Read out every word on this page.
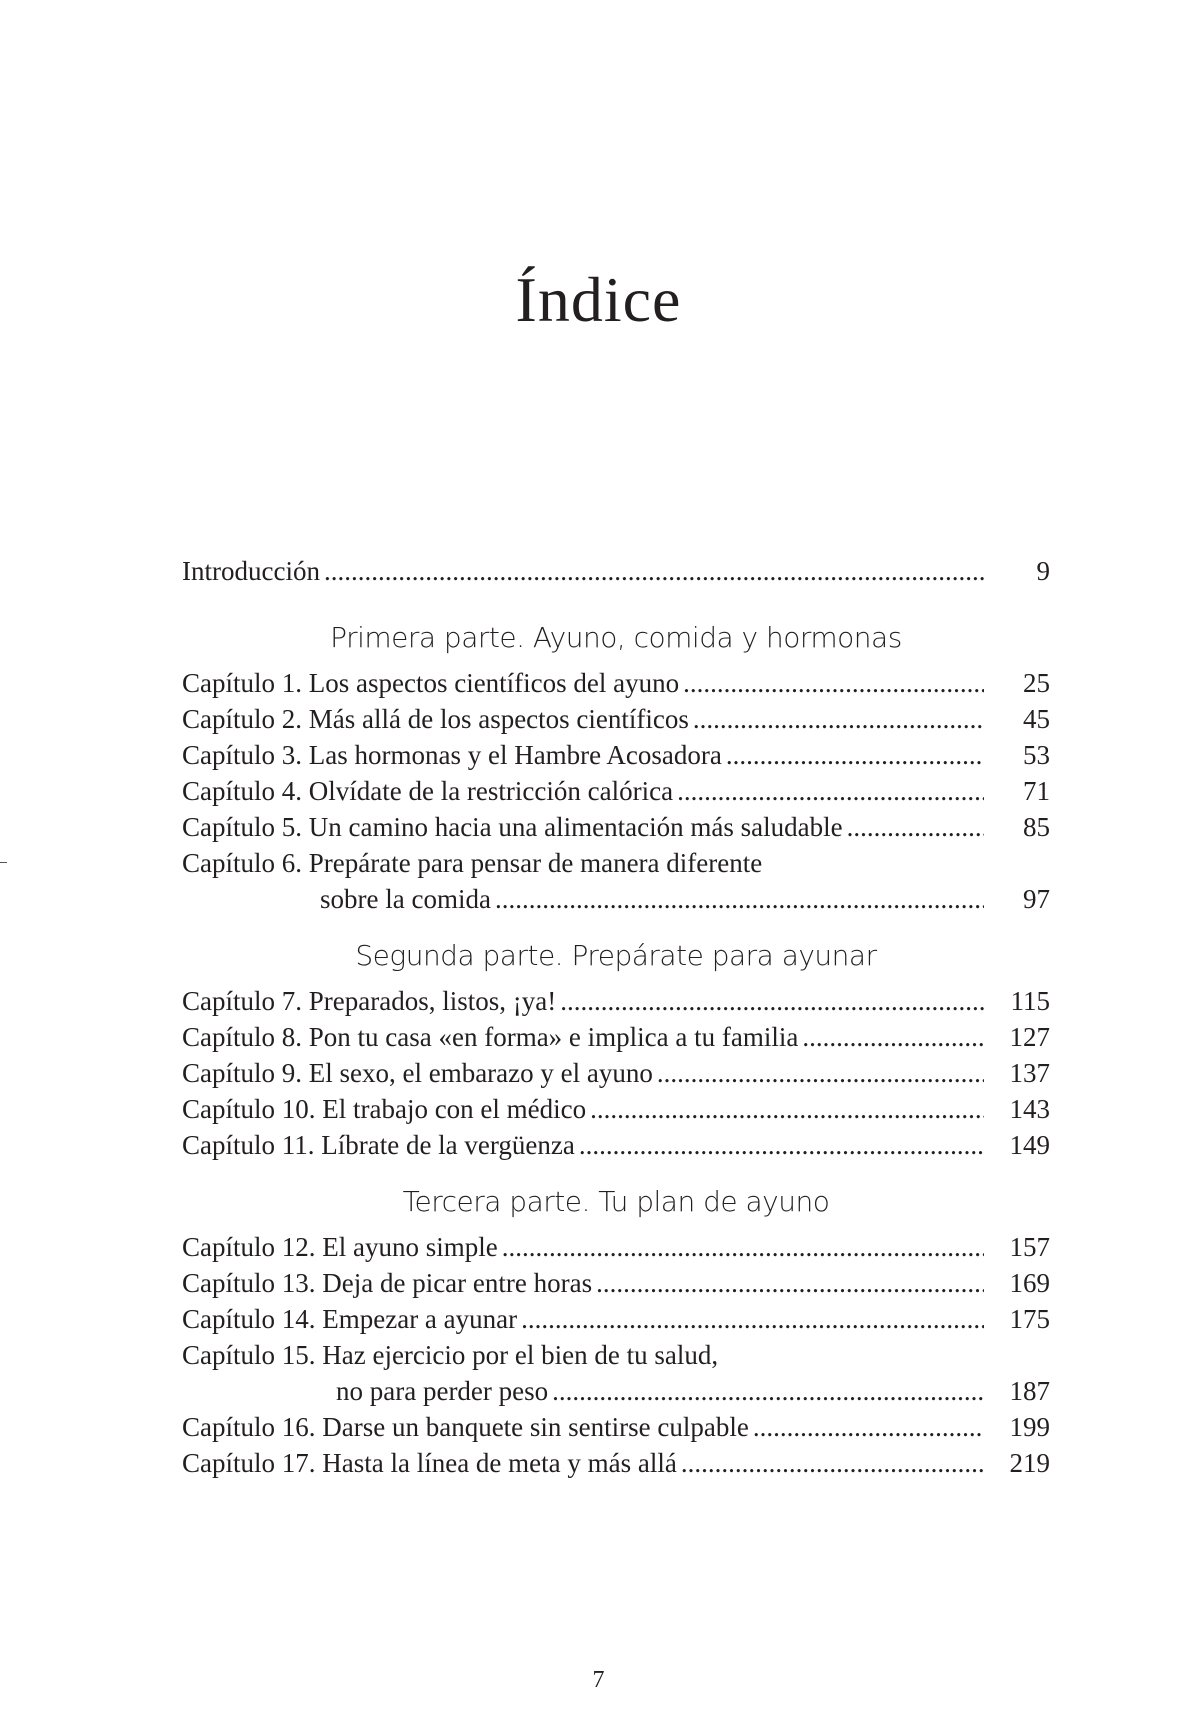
Índice
Introducción .....	9
Primera parte. Ayuno, comida y hormonas
Capítulo 1. Los aspectos científicos del ayuno .....	25
Capítulo 2. Más allá de los aspectos científicos .....	45
Capítulo 3. Las hormonas y el Hambre Acosadora .....	53
Capítulo 4. Olvídate de la restricción calórica .....	71
Capítulo 5. Un camino hacia una alimentación más saludable .....	85
Capítulo 6. Prepárate para pensar de manera diferente
sobre la comida .....	97
Segunda parte. Prepárate para ayunar
Capítulo 7. Preparados, listos, ¡ya! .....	115
Capítulo 8. Pon tu casa «en forma» e implica a tu familia .....	127
Capítulo 9. El sexo, el embarazo y el ayuno .....	137
Capítulo 10. El trabajo con el médico .....	143
Capítulo 11. Líbrate de la vergüenza .....	149
Tercera parte. Tu plan de ayuno
Capítulo 12. El ayuno simple .....	157
Capítulo 13. Deja de picar entre horas .....	169
Capítulo 14. Empezar a ayunar .....	175
Capítulo 15. Haz ejercicio por el bien de tu salud,
no para perder peso .....	187
Capítulo 16. Darse un banquete sin sentirse culpable .....	199
Capítulo 17. Hasta la línea de meta y más allá .....	219
7
